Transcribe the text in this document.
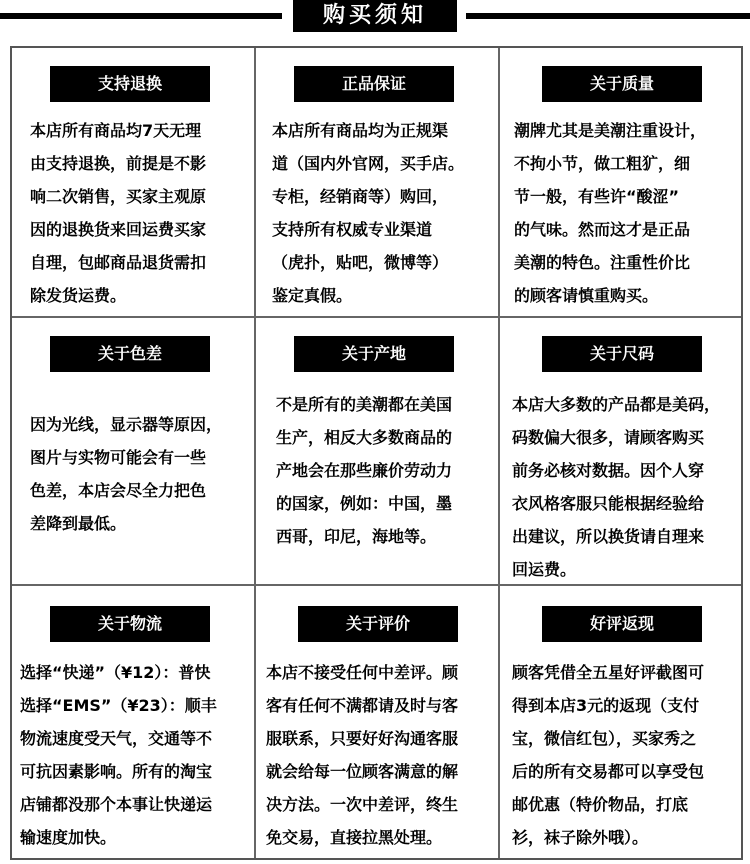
购买须知
支持退换
本店所有商品均7天无理
由支持退换，前提是不影
响二次销售，买家主观原
因的退换货来回运费买家
自理，包邮商品退货需扣
除发货运费。
正品保证
本店所有商品均为正规渠
道（国内外官网，买手店。
专柜，经销商等）购回，
支持所有权威专业渠道
（虎扑，贴吧，微博等）
鉴定真假。
关于质量
潮牌尤其是美潮注重设计，
不拘小节，做工粗犷，细
节一般，有些许“酸涩”
的气味。然而这才是正品
美潮的特色。注重性价比
的顾客请慎重购买。
关于色差
因为光线，显示器等原因，
图片与实物可能会有一些
色差，本店会尽全力把色
差降到最低。
关于产地
不是所有的美潮都在美国
生产，相反大多数商品的
产地会在那些廉价劳动力
的国家，例如：中国，墨
西哥，印尼，海地等。
关于尺码
本店大多数的产品都是美码，
码数偏大很多，请顾客购买
前务必核对数据。因个人穿
衣风格客服只能根据经验给
出建议，所以换货请自理来
回运费。
关于物流
选择“快递”（¥12）：普快
选择“EMS”（¥23）：顺丰
物流速度受天气，交通等不
可抗因素影响。所有的淘宝
店铺都没那个本事让快递运
输速度加快。
关于评价
本店不接受任何中差评。顾
客有任何不满都请及时与客
服联系，只要好好沟通客服
就会给每一位顾客满意的解
决方法。一次中差评，终生
免交易，直接拉黑处理。
好评返现
顾客凭借全五星好评截图可
得到本店3元的返现（支付
宝，微信红包），买家秀之
后的所有交易都可以享受包
邮优惠（特价物品，打底
衫，袜子除外哦）。
